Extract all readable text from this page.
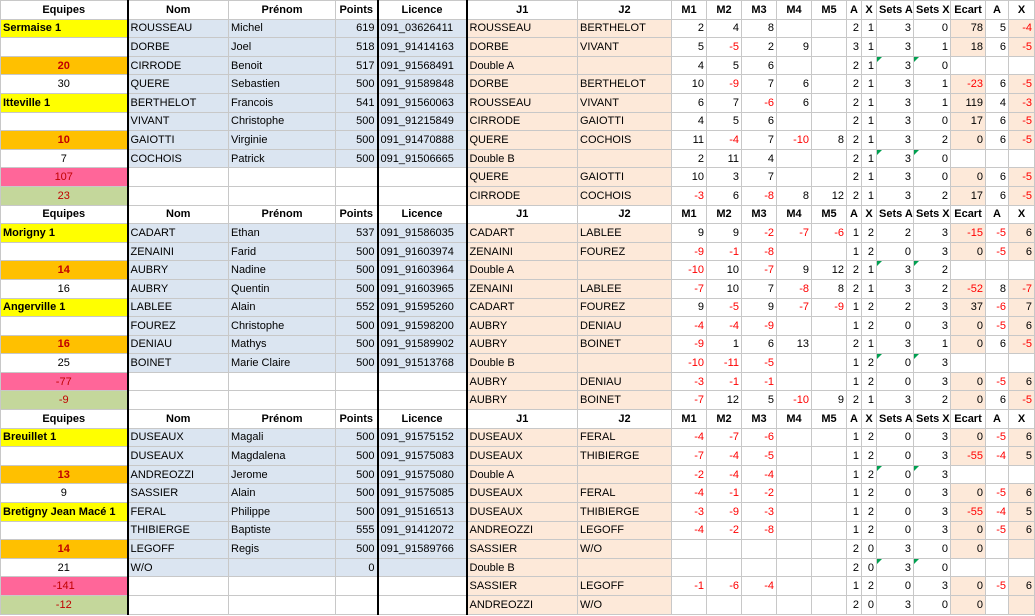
Equipes	Nom	Prénom	Points	Licence	J1	J2	M1	M2	M3	M4	M5	A	X	Sets A	Sets X	Ecart	A	X
Sermaise 1	ROUSSEAU	Michel	619	091_03626411	ROUSSEAU	BERTHELOT	2	4	8			2	1	3	0	78	5	-4
	DORBE	Joel	518	091_91414163	DORBE	VIVANT	5	-5	2	9		3	1	3	1	18	6	-5
20	CIRRODE	Benoit	517	091_91568491	Double A		4	5	6			2	1	3	0			
30	QUERE	Sebastien	500	091_91589848	DORBE	BERTHELOT	10	-9	7	6		2	1	3	1	-23	6	-5
Itteville 1	BERTHELOT	Francois	541	091_91560063	ROUSSEAU	VIVANT	6	7	-6	6		2	1	3	1	119	4	-3
	VIVANT	Christophe	500	091_91215849	CIRRODE	GAIOTTI	4	5	6			2	1	3	0	17	6	-5
10	GAIOTTI	Virginie	500	091_91470888	QUERE	COCHOIS	11	-4	7	-10	8	2	1	3	2	0	6	-5
7	COCHOIS	Patrick	500	091_91506665	Double B		2	11	4			2	1	3	0			
107					QUERE	GAIOTTI	10	3	7			2	1	3	0	0	6	-5
23					CIRRODE	COCHOIS	-3	6	-8	8	12	2	1	3	2	17	6	-5
Equipes	Nom	Prénom	Points	Licence	J1	J2	M1	M2	M3	M4	M5	A	X	Sets A	Sets X	Ecart	A	X
Morigny 1	CADART	Ethan	537	091_91586035	CADART	LABLEE	9	9	-2	-7	-6	1	2	2	3	-15	-5	6
	ZENAINI	Farid	500	091_91603974	ZENAINI	FOUREZ	-9	-1	-8			1	2	0	3	0	-5	6
14	AUBRY	Nadine	500	091_91603964	Double A		-10	10	-7	9	12	2	1	3	2			
16	AUBRY	Quentin	500	091_91603965	ZENAINI	LABLEE	-7	10	7	-8	8	2	1	3	2	-52	8	-7
Angerville 1	LABLEE	Alain	552	091_91595260	CADART	FOUREZ	9	-5	9	-7	-9	1	2	2	3	37	-6	7
	FOUREZ	Christophe	500	091_91598200	AUBRY	DENIAU	-4	-4	-9			1	2	0	3	0	-5	6
16	DENIAU	Mathys	500	091_91589902	AUBRY	BOINET	-9	1	6	13		2	1	3	1	0	6	-5
25	BOINET	Marie Claire	500	091_91513768	Double B		-10	-11	-5			1	2	0	3			
-77					AUBRY	DENIAU	-3	-1	-1			1	2	0	3	0	-5	6
-9					AUBRY	BOINET	-7	12	5	-10	9	2	1	3	2	0	6	-5
Equipes	Nom	Prénom	Points	Licence	J1	J2	M1	M2	M3	M4	M5	A	X	Sets A	Sets X	Ecart	A	X
Breuillet 1	DUSEAUX	Magali	500	091_91575152	DUSEAUX	FERAL	-4	-7	-6			1	2	0	3	0	-5	6
	DUSEAUX	Magdalena	500	091_91575083	DUSEAUX	THIBIERGE	-7	-4	-5			1	2	0	3	-55	-4	5
13	ANDREOZZI	Jerome	500	091_91575080	Double A		-2	-4	-4			1	2	0	3			
9	SASSIER	Alain	500	091_91575085	DUSEAUX	FERAL	-4	-1	-2			1	2	0	3	0	-5	6
Bretigny Jean Macé 1	FERAL	Philippe	500	091_91516513	DUSEAUX	THIBIERGE	-3	-9	-3			1	2	0	3	-55	-4	5
	THIBIERGE	Baptiste	555	091_91412072	ANDREOZZI	LEGOFF	-4	-2	-8			1	2	0	3	0	-5	6
14	LEGOFF	Regis	500	091_91589766	SASSIER	W/O						2	0	3	0	0		
21	W/O		0		Double B							2	0	3	0			
-141					SASSIER	LEGOFF	-1	-6	-4			1	2	0	3	0	-5	6
-12					ANDREOZZI	W/O						2	0	3	0	0		
